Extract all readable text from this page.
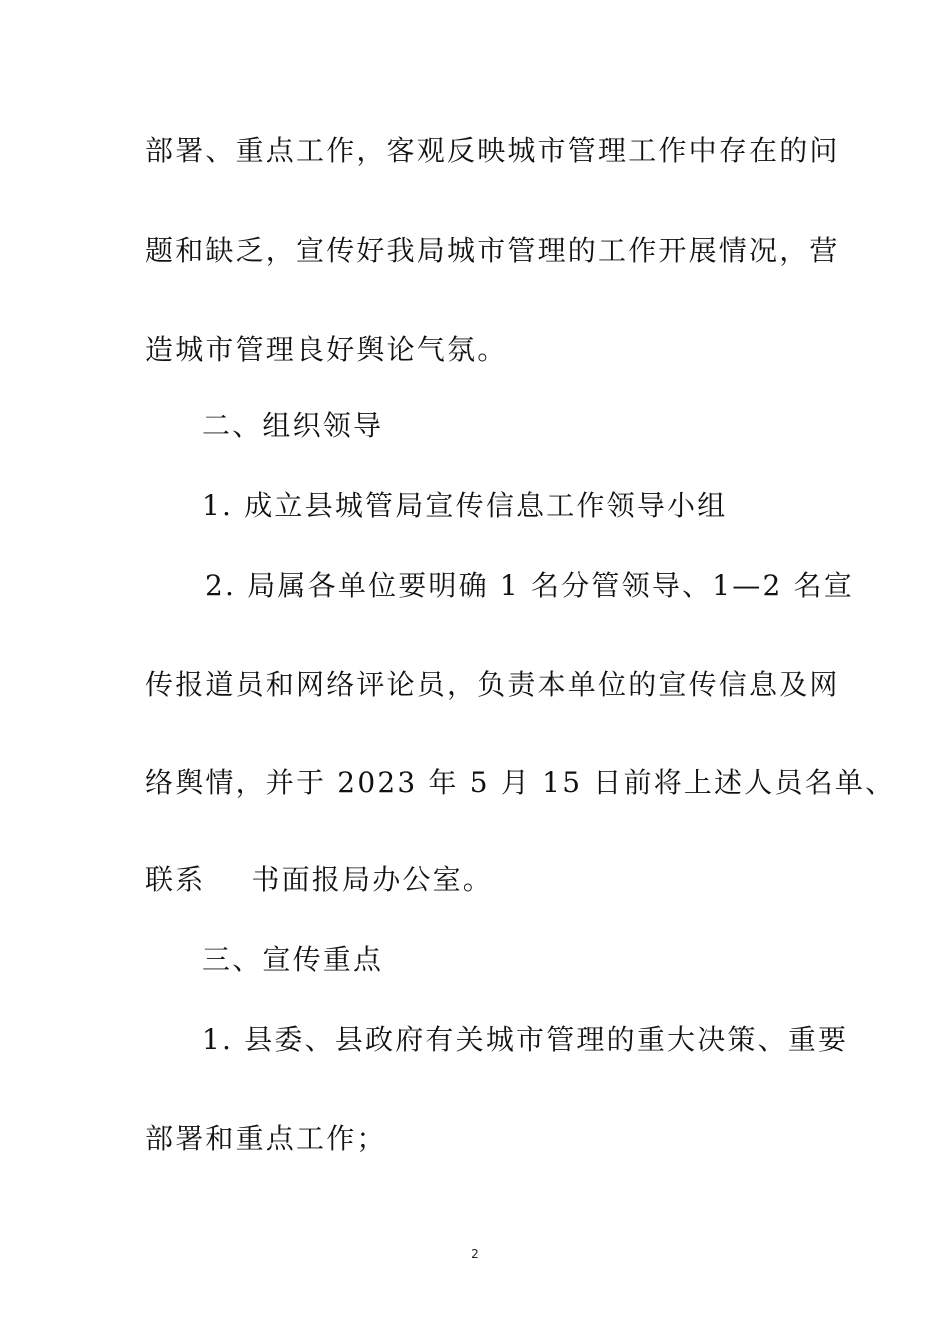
部署、重点工作，客观反映城市管理工作中存在的问
题和缺乏，宣传好我局城市管理的工作开展情况，营
造城市管理良好舆论气氛。
二、组织领导
1. 成立县城管局宣传信息工作领导小组
2. 局属各单位要明确 1 名分管领导、1—2 名宣
传报道员和网络评论员，负责本单位的宣传信息及网
络舆情，并于 2023 年 5 月 15 日前将上述人员名单、
联系 书面报局办公室。
三、宣传重点
1. 县委、县政府有关城市管理的重大决策、重要
部署和重点工作；
2
